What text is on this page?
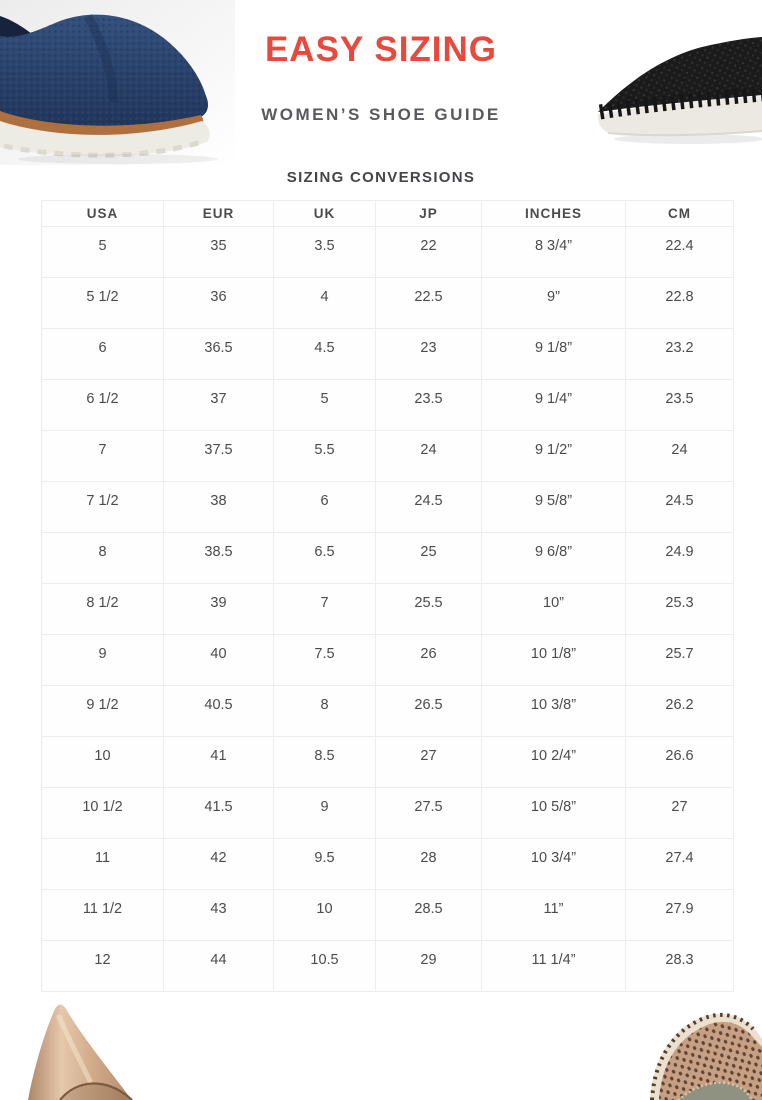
EASY SIZING
WOMEN’S SHOE GUIDE
SIZING CONVERSIONS
USA	EUR	UK	JP	INCHES	CM
5	35	3.5	22	8 3/4”	22.4
5 1/2	36	4	22.5	9”	22.8
6	36.5	4.5	23	9 1/8”	23.2
6 1/2	37	5	23.5	9 1/4”	23.5
7	37.5	5.5	24	9 1/2”	24
7 1/2	38	6	24.5	9 5/8”	24.5
8	38.5	6.5	25	9 6/8”	24.9
8 1/2	39	7	25.5	10”	25.3
9	40	7.5	26	10 1/8”	25.7
9 1/2	40.5	8	26.5	10 3/8”	26.2
10	41	8.5	27	10 2/4”	26.6
10 1/2	41.5	9	27.5	10 5/8”	27
11	42	9.5	28	10 3/4”	27.4
11 1/2	43	10	28.5	11”	27.9
12	44	10.5	29	11 1/4”	28.3
